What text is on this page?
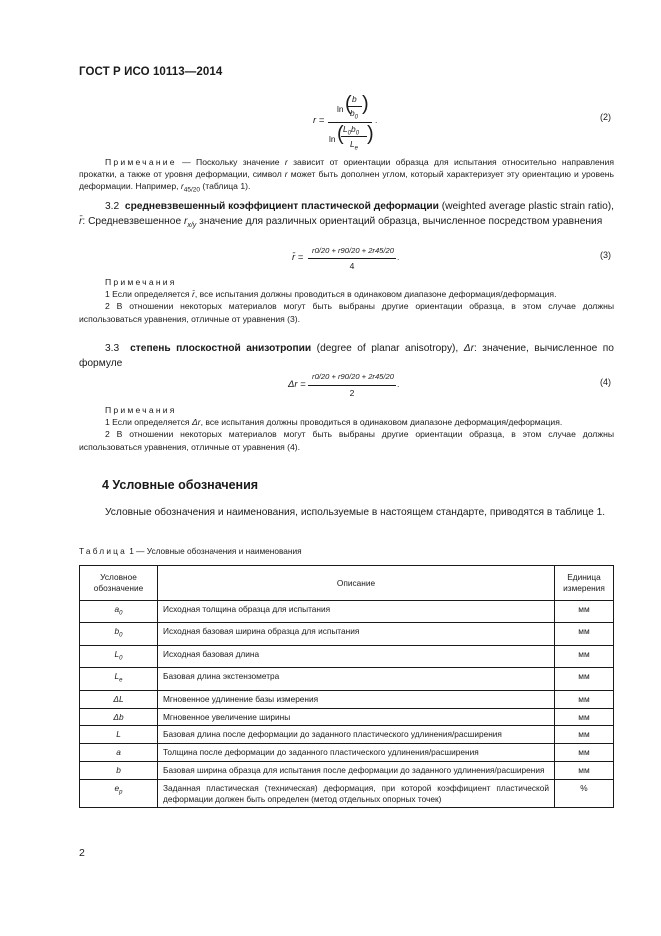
ГОСТ Р ИСО 10113—2014
r =
ln ( b
$b_0$
)
ln ( $L_0b_0$
$L_e$
)
.	(2)
Примечание — Поскольку значение r зависит от ориентации образца для испытания относительно направления прокатки, а также от уровня деформации, символ r может быть дополнен углом, который характеризует эту ориентацию и уровень деформации. Например, $r_{45/20}$ (таблица 1).
3.2 средневзвешенный коэффициент пластической деформации (weighted average plastic strain ratio), r̄: Средневзвешенное $r_{x/y}$ значение для различных ориентаций образца, вычисленное посредством уравнения
r̄ =
r0/20 + r90/20 + 2r45/20
4
.	(3)
Примечания
1 Если определяется r̄, все испытания должны проводиться в одинаковом диапазоне деформация/деформация.
2 В отношении некоторых материалов могут быть выбраны другие ориентации образца, в этом случае должны использоваться уравнения, отличные от уравнения (3).
3.3 степень плоскостной анизотропии (degree of planar anisotropy), Δr: значение, вычисленное по формуле
Δr =
r0/20 + r90/20 + 2r45/20
2
.	(4)
Примечания
1 Если определяется Δr, все испытания должны проводиться в одинаковом диапазоне деформация/деформация.
2 В отношении некоторых материалов могут быть выбраны другие ориентации образца, в этом случае должны использоваться уравнения, отличные от уравнения (4).
4 Условные обозначения
Условные обозначения и наименования, используемые в настоящем стандарте, приводятся в таблице 1.
Таблица 1 — Условные обозначения и наименования
Условное обозначение	Описание	Единица измерения
$a_0$	Исходная толщина образца для испытания	мм
$b_0$	Исходная базовая ширина образца для испытания	мм
$L_0$	Исходная базовая длина	мм
$L_e$	Базовая длина экстензометра	мм
ΔL	Мгновенное удлинение базы измерения	мм
Δb	Мгновенное увеличение ширины	мм
L	Базовая длина после деформации до заданного пластического удлинения/расширения	мм
a	Толщина после деформации до заданного пластического удлинения/расширения	мм
b	Базовая ширина образца для испытания после деформации до заданного удлинения/расширения	мм
$e_p$	Заданная пластическая (техническая) деформация, при которой коэффициент пластической деформации должен быть определен (метод отдельных опорных точек)	%
2
